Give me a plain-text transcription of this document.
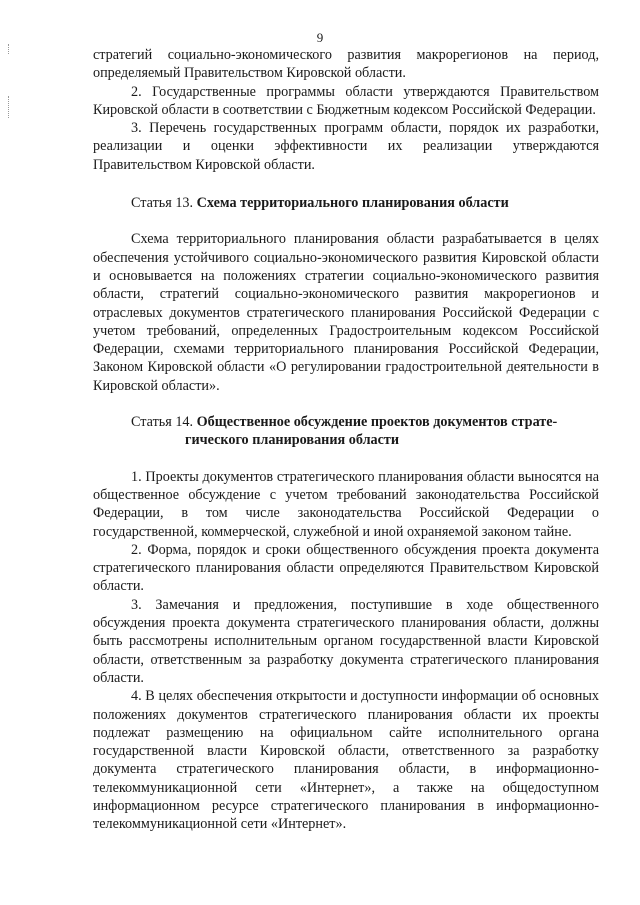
9

стратегий социально-экономического развития макрорегионов на период, определяемый Правительством Кировской области.

2. Государственные программы области утверждаются Правительством Кировской области в соответствии с Бюджетным кодексом Российской Федерации.

3. Перечень государственных программ области, порядок их разработки, реализации и оценки эффективности их реализации утверждаются Правительством Кировской области.

Статья 13. Схема территориального планирования области

Схема территориального планирования области разрабатывается в целях обеспечения устойчивого социально-экономического развития Кировской области и основывается на положениях стратегии социально-экономического развития области, стратегий социально-экономического развития макрорегионов и отраслевых документов стратегического планирования Российской Федерации с учетом требований, определенных Градостроительным кодексом Российской Федерации, схемами территориального планирования Российской Федерации, Законом Кировской области «О регулировании градостроительной деятельности в Кировской области».

Статья 14. Общественное обсуждение проектов документов страте-

гического планирования области

1. Проекты документов стратегического планирования области выносятся на общественное обсуждение с учетом требований законодательства Российской Федерации, в том числе законодательства Российской Федерации о государственной, коммерческой, служебной и иной охраняемой законом тайне.

2. Форма, порядок и сроки общественного обсуждения проекта документа стратегического планирования области определяются Правительством Кировской области.

3. Замечания и предложения, поступившие в ходе общественного обсуждения проекта документа стратегического планирования области, должны быть рассмотрены исполнительным органом государственной власти Кировской области, ответственным за разработку документа стратегического планирования области.

4. В целях обеспечения открытости и доступности информации об основных положениях документов стратегического планирования области их проекты подлежат размещению на официальном сайте исполнительного органа государственной власти Кировской области, ответственного за разработку документа стратегического планирования области, в информационно-телекоммуникационной сети «Интернет», а также на общедоступном информационном ресурсе стратегического планирования в информационно-телекоммуникационной сети «Интернет».
